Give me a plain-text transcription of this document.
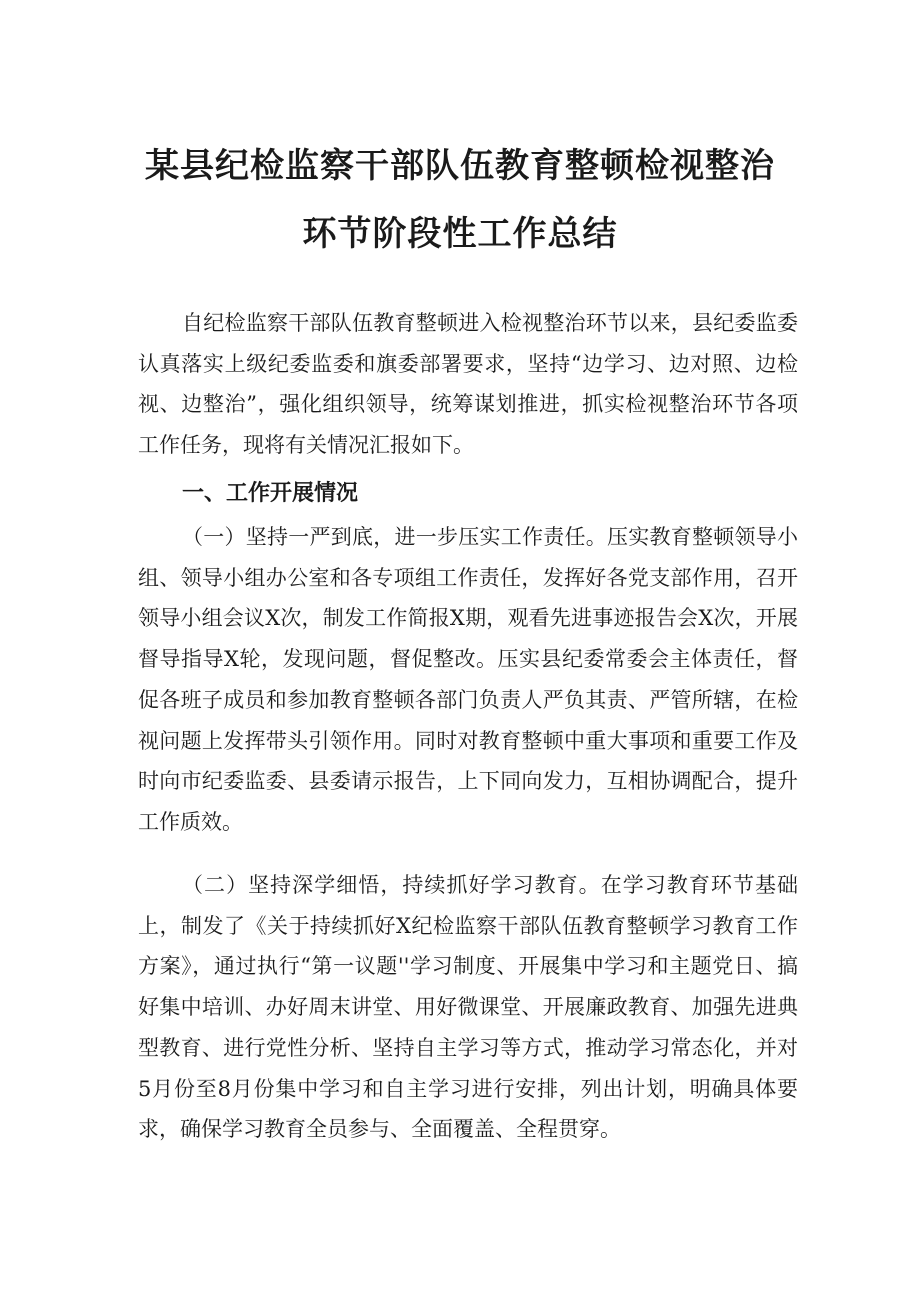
某县纪检监察干部队伍教育整顿检视整治
环节阶段性工作总结

自纪检监察干部队伍教育整顿进入检视整治环节以来，县纪委监委认真落实上级纪委监委和旗委部署要求，坚持“边学习、边对照、边检视、边整治”，强化组织领导，统筹谋划推进，抓实检视整治环节各项工作任务，现将有关情况汇报如下。

一、工作开展情况

（一）坚持一严到底，进一步压实工作责任。压实教育整顿领导小组、领导小组办公室和各专项组工作责任，发挥好各党支部作用，召开领导小组会议X次，制发工作简报X期，观看先进事迹报告会X次，开展督导指导X轮，发现问题，督促整改。压实县纪委常委会主体责任，督促各班子成员和参加教育整顿各部门负责人严负其责、严管所辖，在检视问题上发挥带头引领作用。同时对教育整顿中重大事项和重要工作及时向市纪委监委、县委请示报告，上下同向发力，互相协调配合，提升工作质效。

（二）坚持深学细悟，持续抓好学习教育。在学习教育环节基础上，制发了《关于持续抓好X纪检监察干部队伍教育整顿学习教育工作方案》，通过执行“第一议题''学习制度、开展集中学习和主题党日、搞好集中培训、办好周末讲堂、用好微课堂、开展廉政教育、加强先进典型教育、进行党性分析、坚持自主学习等方式，推动学习常态化，并对5月份至8月份集中学习和自主学习进行安排，列出计划，明确具体要求，确保学习教育全员参与、全面覆盖、全程贯穿。
